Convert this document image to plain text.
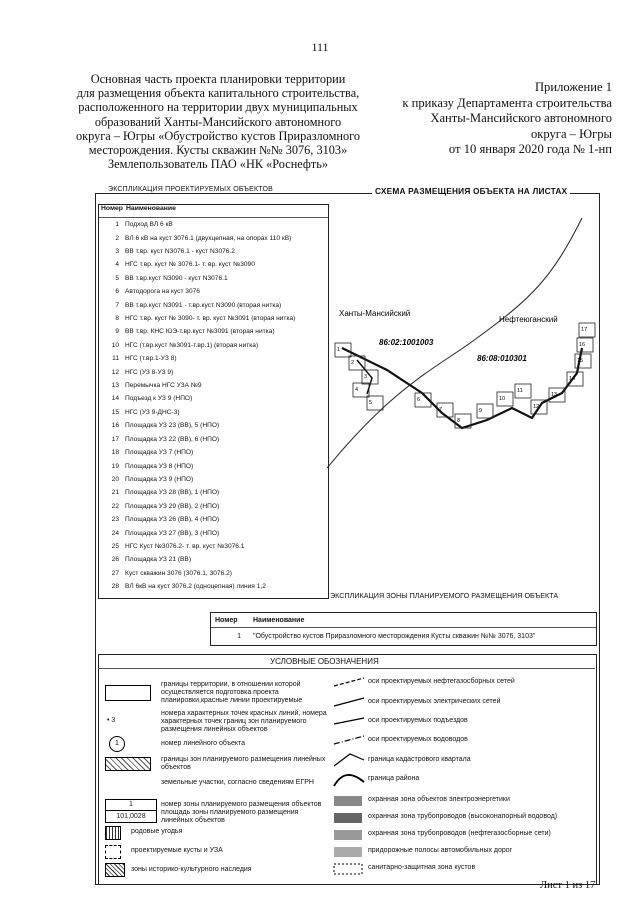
111
Основная часть проекта планировки территории
для размещения объекта капитального строительства,
расположенного на территории двух муниципальных
образований Ханты-Мансийского автономного
округа – Югры «Обустройство кустов Приразломного
месторождения. Кусты скважин №№ 3076, 3103»
Землепользователь ПАО «НК «Роснефть»
Приложение 1
к приказу Департамента строительства
Ханты-Мансийского автономного
округа – Югры
от 10 января 2020 года № 1-нп
ЭКСПЛИКАЦИЯ ПРОЕКТИРУЕМЫХ ОБЪЕКТОВ
Номер Наименование
1 Подход ВЛ 6 кВ
2 ВЛ 6 кВ на куст 3076.1 (двухцепная, на опорах 110 кВ)
3 ВВ т.вр. куст N3076.1 - куст N3076.2
4 НГС т.вр. куст № 3076.1- т. вр. куст №3090
5 ВВ т.вр.куст N3090 - куст N3076.1
6 Автодорога на куст 3076
7 ВВ т.вр.куст N3091 - т.вр.куст N3090 (вторая нитка)
8 НГС т.вр. куст № 3090- т. вр. куст №3091 (вторая нитка)
9 ВВ т.вр. КНС ЮЭ-т.вр.куст №3091 (вторая нитка)
10 НГС (т.вр.куст №3091-т.вр.1) (вторая нитка)
11 НГС (т.вр.1-УЗ 8)
12 НГС (УЗ 8-УЗ 9)
13 Перемычка НГС УЗА №9
14 Подъезд к УЗ 9 (НПО)
15 НГС (УЗ 9-ДНС-3)
16 Площадка УЗ 23 (ВВ), 5 (НПО)
17 Площадка УЗ 22 (ВВ), 6 (НПО)
18 Площадка УЗ 7 (НПО)
19 Площадка УЗ 8 (НПО)
20 Площадка УЗ 9 (НПО)
21 Площадка УЗ 28 (ВВ), 1 (НПО)
22 Площадка УЗ 29 (ВВ), 2 (НПО)
23 Площадка УЗ 26 (ВВ), 4 (НПО)
24 Площадка УЗ 27 (ВВ), 3 (НПО)
25 НГС Куст №3076.2- т. вр. куст №3076.1
26 Площадка УЗ 21 (ВВ)
27 Куст скважин 3076 (3076.1, 3076.2)
28 ВЛ 6кВ на куст 3076.2 (одноцепная) линия 1,2
СХЕМА РАЗМЕЩЕНИЯ ОБЪЕКТА НА ЛИСТАХ
1
2
3
4
5	6
7
8
9
10
11
12
13
14
15
16
17
Ханты-Мансийский
Нефтеюганский
86:02:1001003
86:08:010301
ЭКСПЛИКАЦИЯ ЗОНЫ ПЛАНИРУЕМОГО РАЗМЕЩЕНИЯ ОБЪЕКТА
Номер	Наименование
1	"Обустройство кустов Приразломного месторождения Кусты скважин №№ 3076, 3103"
УСЛОВНЫЕ ОБОЗНАЧЕНИЯ
границы территории, в отношении которой осуществляется подготовка проекта планировки,красные линии проектируемые
• 3
номера характерных точек красных линий, номера характерных точек границ зон планируемого размещения линейных объектов
1	номер линейного объекта
границы зон планируемого размещения линейных объектов
земельные участки, согласно сведениям ЕГРН
1
101,0028
номер зоны планируемого размещения объектов площадь зоны планируемого размещения линейных объектов
родовые угодья
проектируемые кусты и УЗА
зоны историко-культурного наследия
оси проектируемых нефтегазосборных сетей
оси проектируемых электрических сетей
оси проектируемых подъездов
оси проектируемых водоводов
граница кадастрового квартала
граница района
охранная зона объектов электроэнергетики
охранная зона трубопроводов (высоконапорный водовод)
охранная зона трубопроводов (нефтегазосборные сети)
придорожные полосы автомобильных дорог
санитарно-защитная зона кустов
Лист 1 из 17
